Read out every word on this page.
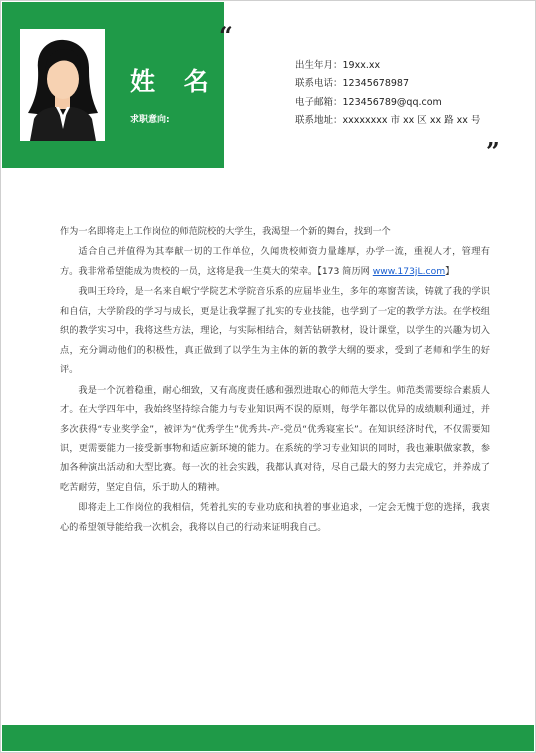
姓 名
求职意向:
“
”
出生年月：19xx.xx
联系电话：12345678987
电子邮箱：123456789@qq.com
联系地址：xxxxxxxx 市 xx 区 xx 路 xx 号

作为一名即将走上工作岗位的师范院校的大学生，我渴望一个新的舞台，找到一个

适合自己并值得为其奉献一切的工作单位，久闻贵校师资力量雄厚，办学一流，重视人才，管理有方。我非常希望能成为贵校的一员，这将是我一生莫大的荣幸。【173 简历网 www.173jL.com】

我叫王玲玲，是一名来自岷宁学院艺术学院音乐系的应届毕业生，多年的寒窗苦读，铸就了我的学识和自信，大学阶段的学习与成长，更是让我掌握了扎实的专业技能，也学到了一定的教学方法。在学校组织的教学实习中，我将这些方法，理论，与实际相结合，刻苦钻研教材，设计课堂，以学生的兴趣为切入点，充分调动他们的积极性，真正做到了以学生为主体的新的教学大纲的要求，受到了老师和学生的好评。

我是一个沉着稳重，耐心细致，又有高度责任感和强烈进取心的师范大学生。师范类需要综合素质人才。在大学四年中，我始终坚持综合能力与专业知识两不误的原则，每学年都以优异的成绩顺利通过，并多次获得“专业奖学金”，被评为“优秀学生”优秀共-产-党员“优秀寝室长”。在知识经济时代，不仅需要知识，更需要能力一接受新事物和适应新环境的能力。在系统的学习专业知识的同时，我也兼职做家教，参加各种演出活动和大型比赛。每一次的社会实践，我都认真对待，尽自己最大的努力去完成它，并养成了吃苦耐劳，坚定自信，乐于助人的精神。

即将走上工作岗位的我相信，凭着扎实的专业功底和执着的事业追求，一定会无愧于您的选择，我衷心的希望领导能给我一次机会，我将以自己的行动来证明我自己。
